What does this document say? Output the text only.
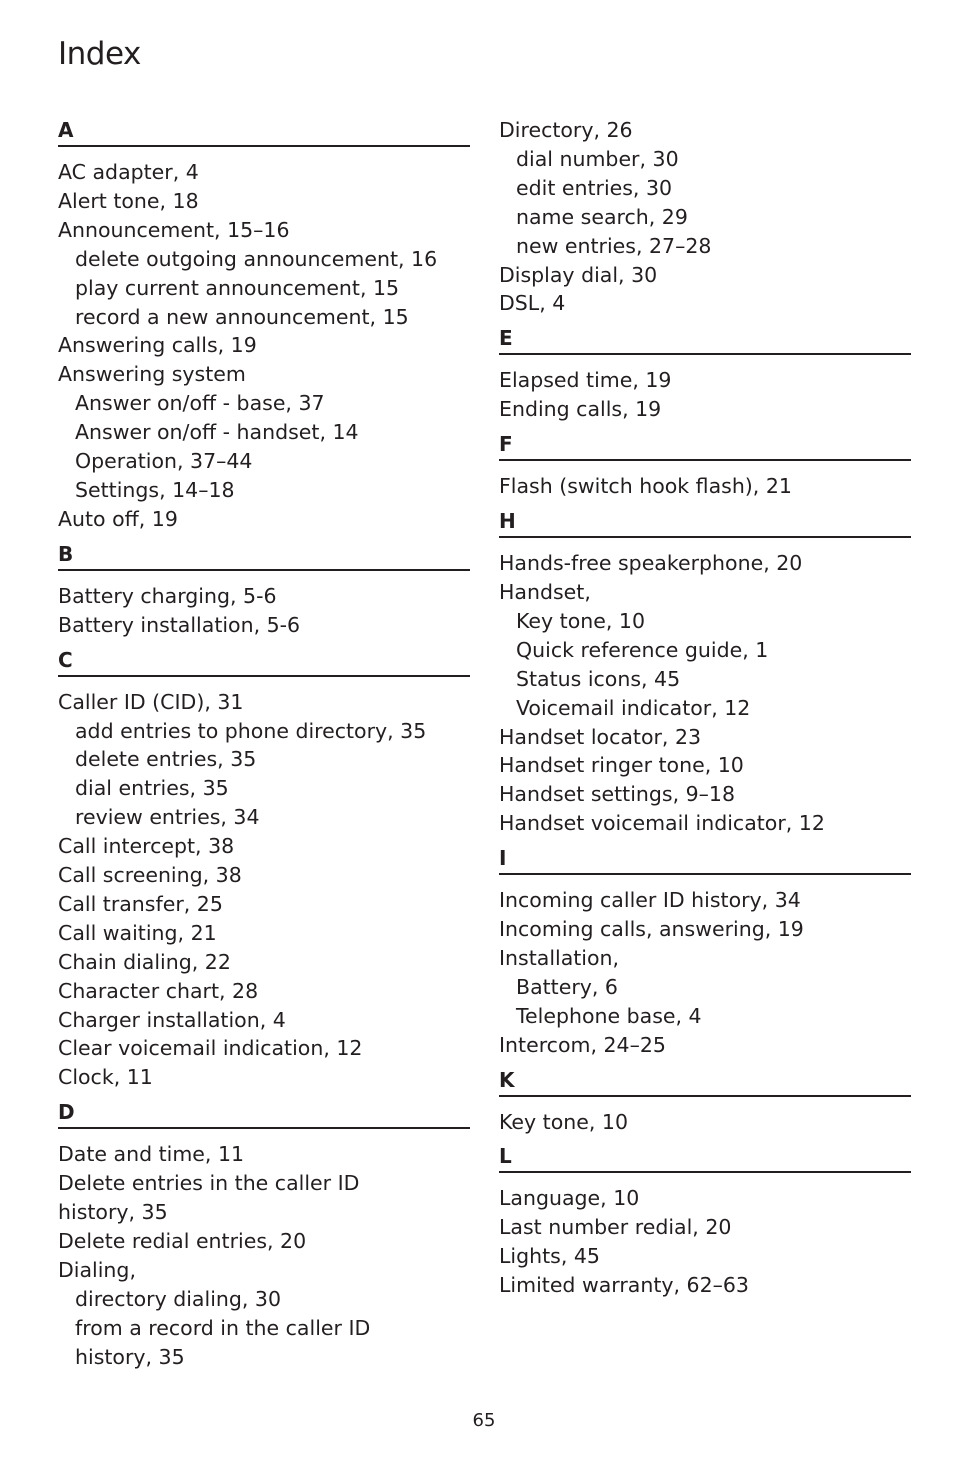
Index
A
AC adapter, 4
Alert tone, 18
Announcement, 15–16
delete outgoing announcement, 16
play current announcement, 15
record a new announcement, 15
Answering calls, 19
Answering system
Answer on/off - base, 37
Answer on/off - handset, 14
Operation, 37–44
Settings, 14–18
Auto off, 19
B
Battery charging, 5-6
Battery installation, 5-6
C
Caller ID (CID), 31
add entries to phone directory, 35
delete entries, 35
dial entries, 35
review entries, 34
Call intercept, 38
Call screening, 38
Call transfer, 25
Call waiting, 21
Chain dialing, 22
Character chart, 28
Charger installation, 4
Clear voicemail indication, 12
Clock, 11
D
Date and time, 11
Delete entries in the caller ID
history, 35
Delete redial entries, 20
Dialing,
directory dialing, 30
from a record in the caller ID
history, 35
Directory, 26
dial number, 30
edit entries, 30
name search, 29
new entries, 27–28
Display dial, 30
DSL, 4
E
Elapsed time, 19
Ending calls, 19
F
Flash (switch hook flash), 21
H
Hands-free speakerphone, 20
Handset,
Key tone, 10
Quick reference guide, 1
Status icons, 45
Voicemail indicator, 12
Handset locator, 23
Handset ringer tone, 10
Handset settings, 9–18
Handset voicemail indicator, 12
I
Incoming caller ID history, 34
Incoming calls, answering, 19
Installation,
Battery, 6
Telephone base, 4
Intercom, 24–25
K
Key tone, 10
L
Language, 10
Last number redial, 20
Lights, 45
Limited warranty, 62–63
65
